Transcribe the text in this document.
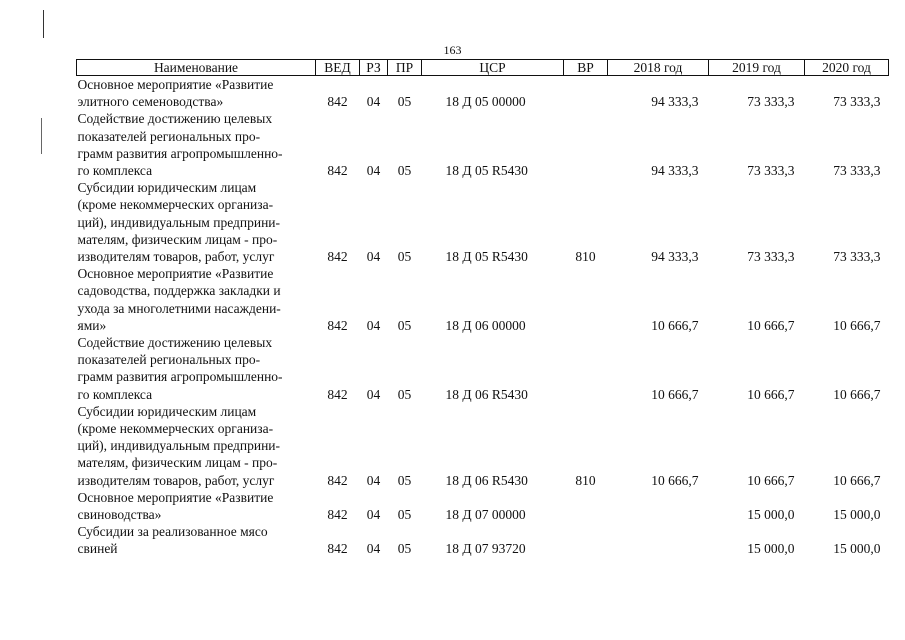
163
Наименование	ВЕД	РЗ	ПР	ЦСР	ВР	2018 год	2019 год	2020 год

Основное мероприятие «Развитие
элитного семеноводства»	842	04	05	18 Д 05 00000		94 333,3	73 333,3	73 333,3

Содействие достижению целевых
показателей региональных про-
грамм развития агропромышленно-
го комплекса	842	04	05	18 Д 05 R5430		94 333,3	73 333,3	73 333,3

Субсидии юридическим лицам
(кроме некоммерческих организа-
ций), индивидуальным предприни-
мателям, физическим лицам - про-
изводителям товаров, работ, услуг	842	04	05	18 Д 05 R5430	810	94 333,3	73 333,3	73 333,3

Основное мероприятие «Развитие
садоводства, поддержка закладки и
ухода за многолетними насаждени-
ями»	842	04	05	18 Д 06 00000		10 666,7	10 666,7	10 666,7

Содействие достижению целевых
показателей региональных про-
грамм развития агропромышленно-
го комплекса	842	04	05	18 Д 06 R5430		10 666,7	10 666,7	10 666,7

Субсидии юридическим лицам
(кроме некоммерческих организа-
ций), индивидуальным предприни-
мателям, физическим лицам - про-
изводителям товаров, работ, услуг	842	04	05	18 Д 06 R5430	810	10 666,7	10 666,7	10 666,7

Основное мероприятие «Развитие
свиноводства»	842	04	05	18 Д 07 00000			15 000,0	15 000,0

Субсидии за реализованное мясо
свиней	842	04	05	18 Д 07 93720			15 000,0	15 000,0
